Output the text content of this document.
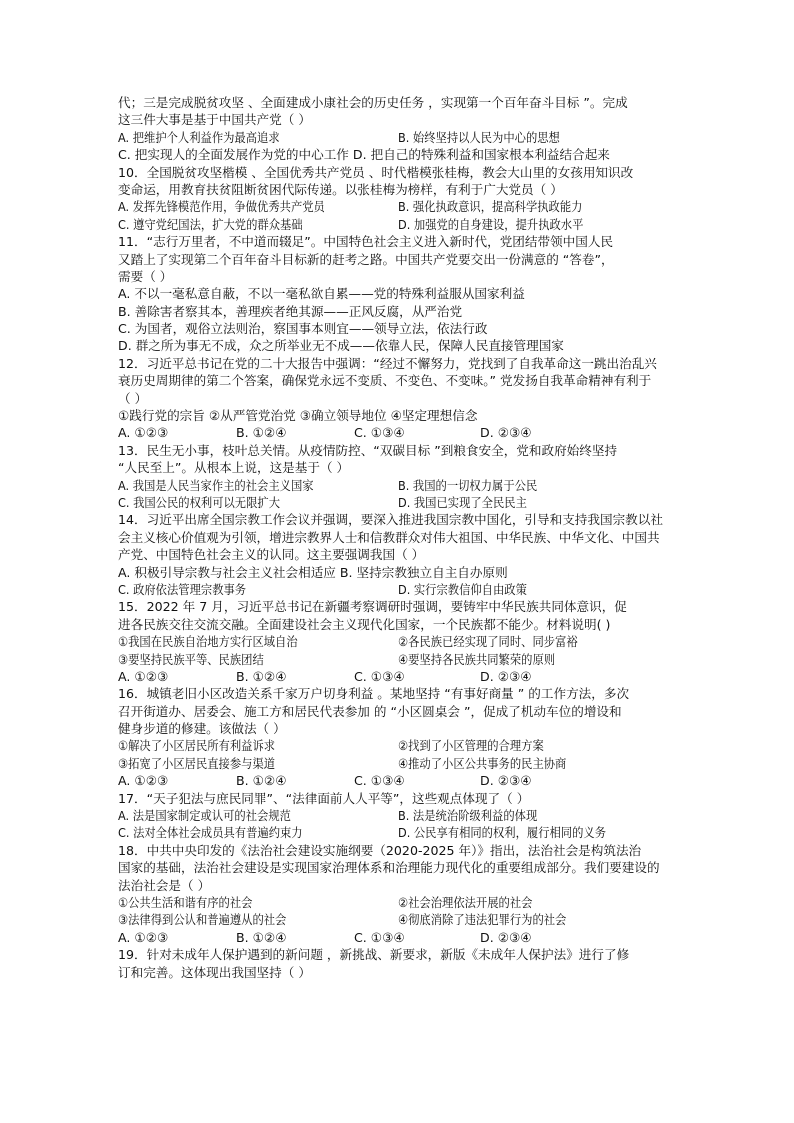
代；三是完成脱贫攻坚 、全面建成小康社会的历史任务 ，实现第一个百年奋斗目标 ”。完成
这三件大事是基于中国共产党（ ）
A. 把维护个人利益作为最高追求	B. 始终坚持以人民为中心的思想
C. 把实现人的全面发展作为党的中心工作 D. 把自己的特殊利益和国家根本利益结合起来
10．全国脱贫攻坚楷模 、全国优秀共产党员 、时代楷模张桂梅，教会大山里的女孩用知识改
变命运，用教育扶贫阻断贫困代际传递。以张桂梅为榜样，有利于广大党员（ ）
A. 发挥先锋模范作用，争做优秀共产党员	B. 强化执政意识，提高科学执政能力
C. 遵守党纪国法，扩大党的群众基础	D. 加强党的自身建设，提升执政水平
11．“志行万里者，不中道而辍足”。中国特色社会主义进入新时代，党团结带领中国人民
又踏上了实现第二个百年奋斗目标新的赶考之路。中国共产党要交出一份满意的 “答卷”，
需要（ ）
A. 不以一毫私意自蔽，不以一毫私欲自累——党的特殊利益服从国家利益
B. 善除害者察其本，善理疾者绝其源——正风反腐，从严治党
C. 为国者，观俗立法则治，察国事本则宜——领导立法，依法行政
D. 群之所为事无不成，众之所举业无不成——依靠人民，保障人民直接管理国家
12．习近平总书记在党的二十大报告中强调：“经过不懈努力，党找到了自我革命这一跳出治乱兴
衰历史周期律的第二个答案，确保党永远不变质、不变色、不变味。” 党发扬自我革命精神有利于
（ ）
①践行党的宗旨 ②从严管党治党 ③确立领导地位 ④坚定理想信念
A. ①②③	B. ①②④	C. ①③④	D. ②③④
13．民生无小事，枝叶总关情。从疫情防控、“双碳目标 ”到粮食安全，党和政府始终坚持
“人民至上”。从根本上说，这是基于（ ）
A. 我国是人民当家作主的社会主义国家	B. 我国的一切权力属于公民
C. 我国公民的权利可以无限扩大	D. 我国已实现了全民民主
14．习近平出席全国宗教工作会议并强调，要深入推进我国宗教中国化，引导和支持我国宗教以社
会主义核心价值观为引领，增进宗教界人士和信教群众对伟大祖国、中华民族、中华文化、中国共
产党、中国特色社会主义的认同。这主要强调我国（ ）
A. 积极引导宗教与社会主义社会相适应 B. 坚持宗教独立自主自办原则
C. 政府依法管理宗教事务	D. 实行宗教信仰自由政策
15．2022 年 7 月，习近平总书记在新疆考察调研时强调，要铸牢中华民族共同体意识，促
进各民族交往交流交融。全面建设社会主义现代化国家，一个民族都不能少。材料说明( )
①我国在民族自治地方实行区域自治	②各民族已经实现了同时、同步富裕
③要坚持民族平等、民族团结	④要坚持各民族共同繁荣的原则
A. ①②③	B. ①②④	C. ①③④	D. ②③④
16．城镇老旧小区改造关系千家万户切身利益 。某地坚持 “有事好商量 ” 的工作方法，多次
召开街道办、居委会、施工方和居民代表参加 的 “小区圆桌会 ”，促成了机动车位的增设和
健身步道的修建。该做法（ ）
①解决了小区居民所有利益诉求	②找到了小区管理的合理方案
③拓宽了小区居民直接参与渠道	④推动了小区公共事务的民主协商
A. ①②③	B. ①②④	C. ①③④	D. ②③④
17．“天子犯法与庶民同罪”、“法律面前人人平等”，这些观点体现了（ ）
A. 法是国家制定或认可的社会规范	B. 法是统治阶级利益的体现
C. 法对全体社会成员具有普遍约束力	D. 公民享有相同的权利，履行相同的义务
18．中共中央印发的《法治社会建设实施纲要（2020-2025 年）》指出，法治社会是构筑法治
国家的基础，法治社会建设是实现国家治理体系和治理能力现代化的重要组成部分。我们要建设的
法治社会是（ ）
①公共生活和谐有序的社会	②社会治理依法开展的社会
③法律得到公认和普遍遵从的社会	④彻底消除了违法犯罪行为的社会
A. ①②③	B. ①②④	C. ①③④	D. ②③④
19．针对未成年人保护遇到的新问题 ，新挑战、新要求，新版《未成年人保护法》进行了修
订和完善。这体现出我国坚持（ ）
